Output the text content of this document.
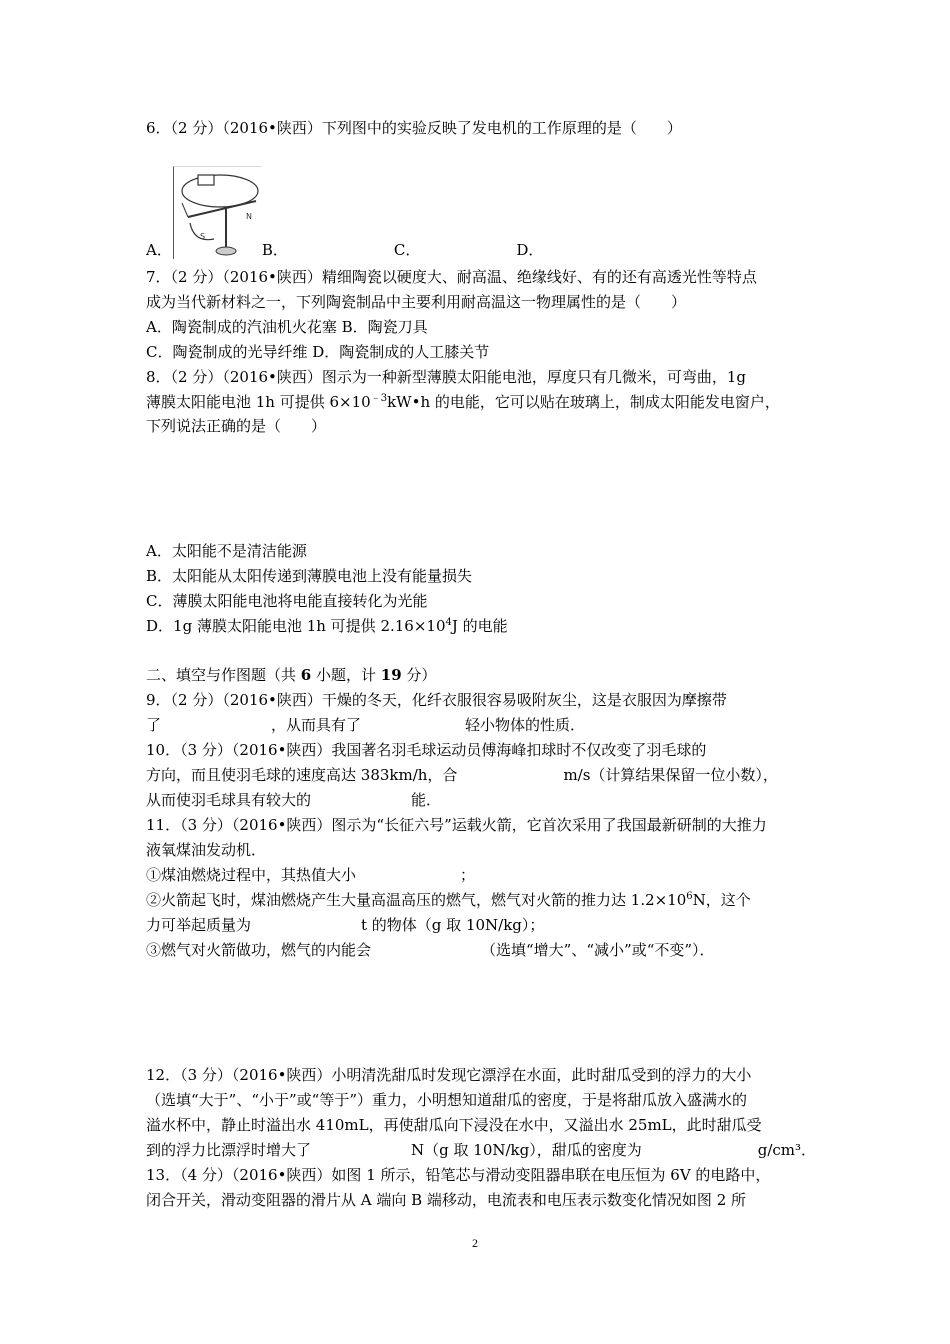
6．（2 分）（2016•陕西）下列图中的实验反映了发电机的工作原理的是（　　）
N
S
A．	B．	C．	D．
7．（2 分）（2016•陕西）精细陶瓷以硬度大、耐高温、绝缘线好、有的还有高透光性等特点
成为当代新材料之一，下列陶瓷制品中主要利用耐高温这一物理属性的是（　　）
A．陶瓷制成的汽油机火花塞 B．陶瓷刀具
C．陶瓷制成的光导纤维 D．陶瓷制成的人工膝关节
8．（2 分）（2016•陕西）图示为一种新型薄膜太阳能电池，厚度只有几微米，可弯曲，1g
薄膜太阳能电池 1h 可提供 $6\times 10^{﹣3}kW•h$ 的电能，它可以贴在玻璃上，制成太阳能发电窗户，
下列说法正确的是（　　）
A．太阳能不是清洁能源
B．太阳能从太阳传递到薄膜电池上没有能量损失
C．薄膜太阳能电池将电能直接转化为光能
D．1g 薄膜太阳能电池 1h 可提供 $2.16\times 10^4J$ 的电能
二、填空与作图题（共 6 小题，计 19 分）
9．（2 分）（2016•陕西）干燥的冬天，化纤衣服很容易吸附灰尘，这是衣服因为摩擦带
了	，从而具有了	轻小物体的性质．
10．（3 分）（2016•陕西）我国著名羽毛球运动员傅海峰扣球时不仅改变了羽毛球的
方向，而且使羽毛球的速度高达 383km/h，合	m/s（计算结果保留一位小数），
从而使羽毛球具有较大的	能．
11．（3 分）（2016•陕西）图示为“长征六号”运载火箭，它首次采用了我国最新研制的大推力
液氧煤油发动机．
①煤油燃烧过程中，其热值大小	；
②火箭起飞时，煤油燃烧产生大量高温高压的燃气，燃气对火箭的推力达 $1.2\times 10^6N$，这个
力可举起质量为	t 的物体（g 取 10N/kg）；
③燃气对火箭做功，燃气的内能会	（选填“增大”、“减小”或“不变”）．
12．（3 分）（2016•陕西）小明清洗甜瓜时发现它漂浮在水面，此时甜瓜受到的浮力的大小
（选填“大于”、“小于”或“等于”）重力，小明想知道甜瓜的密度，于是将甜瓜放入盛满水的
溢水杯中，静止时溢出水 410mL，再使甜瓜向下浸没在水中，又溢出水 25mL，此时甜瓜受
到的浮力比漂浮时增大了	N（g 取 10N/kg），甜瓜的密度为	g/cm³．
13．（4 分）（2016•陕西）如图 1 所示，铅笔芯与滑动变阻器串联在电压恒为 6V 的电路中，
闭合开关，滑动变阻器的滑片从 A 端向 B 端移动，电流表和电压表示数变化情况如图 2 所
2
